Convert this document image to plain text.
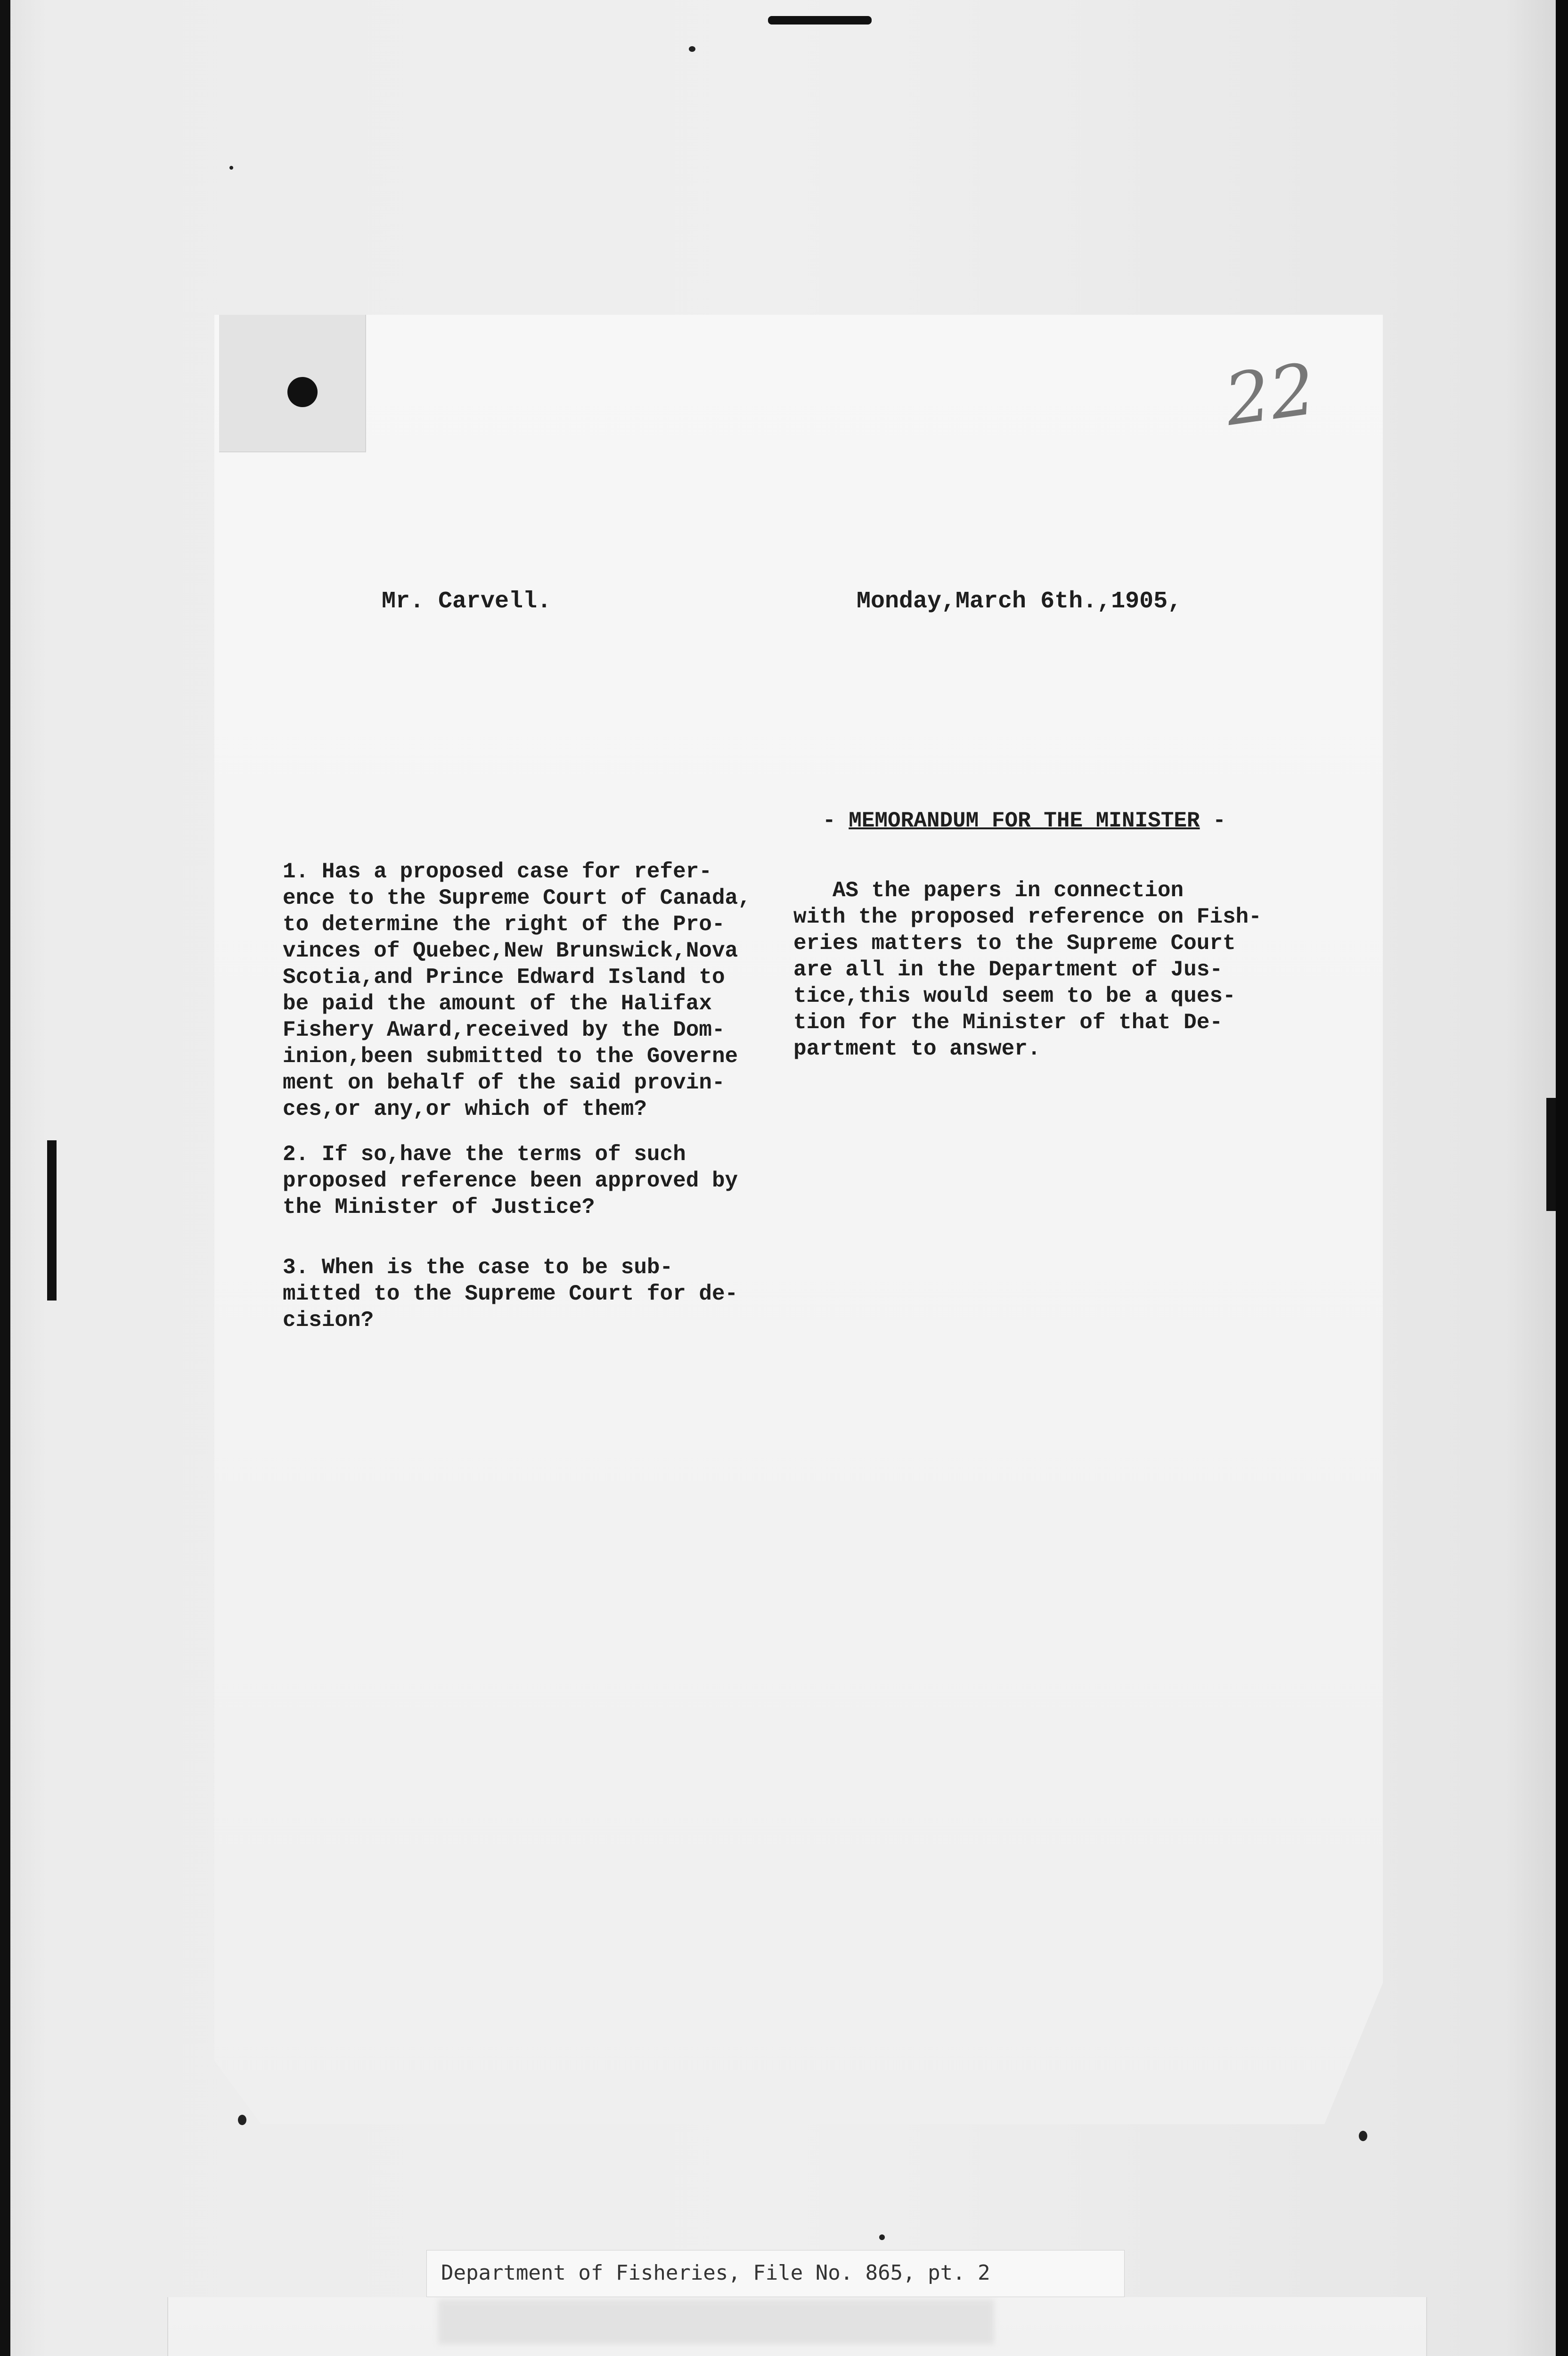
22
Mr. Carvell.	Monday,March 6th.,1905,
- MEMORANDUM FOR THE MINISTER -
1. Has a proposed case for refer-
ence to the Supreme Court of Canada,
to determine the right of the Pro-
vinces of Quebec,New Brunswick,Nova
Scotia,and Prince Edward Island to
be paid the amount of the Halifax
Fishery Award,received by the Dom-
inion,been submitted to the Governe
ment on behalf of the said provin-
ces,or any,or which of them?
2. If so,have the terms of such
proposed reference been approved by
the Minister of Justice?
3. When is the case to be sub-
mitted to the Supreme Court for de-
cision?
AS the papers in connection
with the proposed reference on Fish-
eries matters to the Supreme Court
are all in the Department of Jus-
tice,this would seem to be a ques-
tion for the Minister of that De-
partment to answer.
Department of Fisheries, File No. 865, pt. 2
